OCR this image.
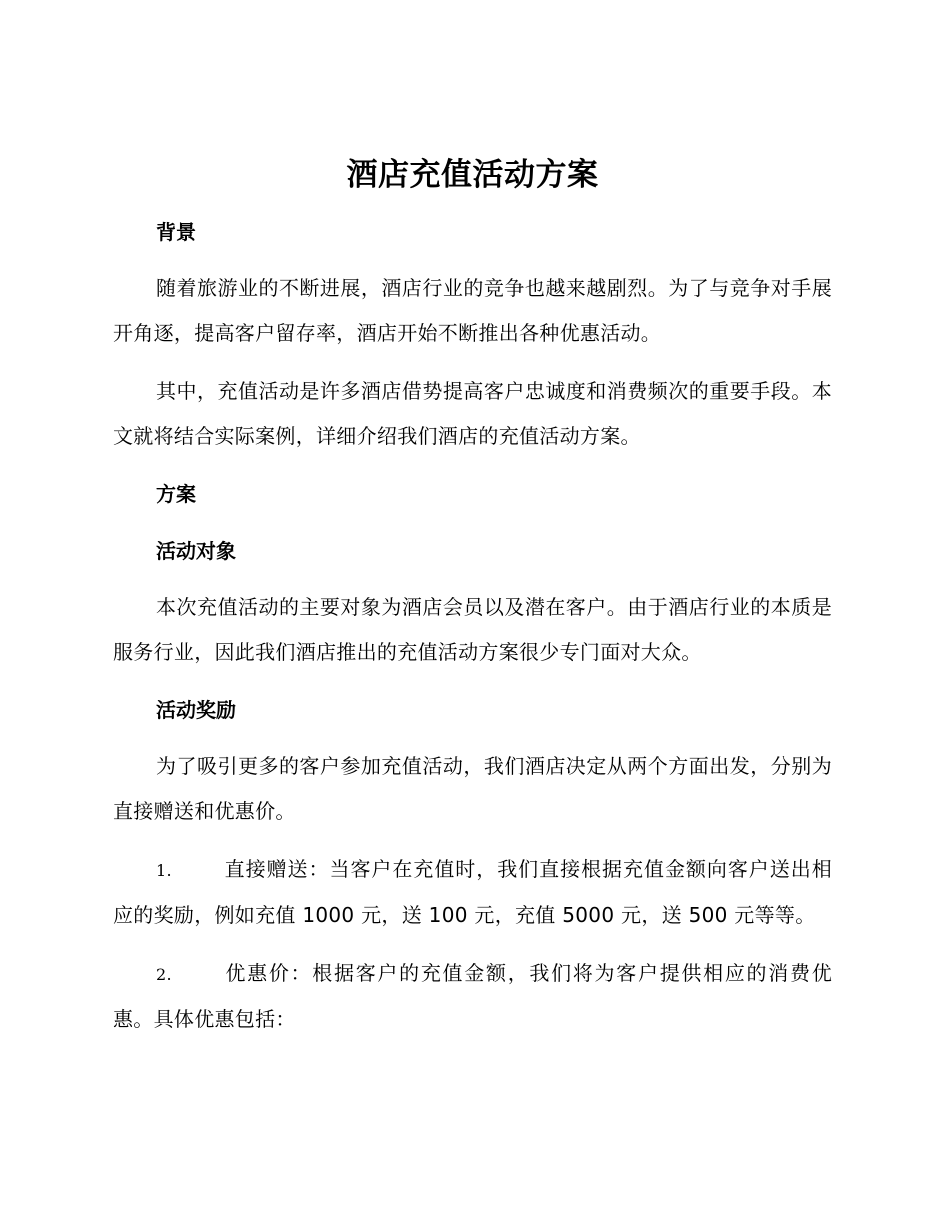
酒店充值活动方案
背景

随着旅游业的不断进展，酒店行业的竞争也越来越剧烈。为了与竞争对手展开角逐，提高客户留存率，酒店开始不断推出各种优惠活动。

其中，充值活动是许多酒店借势提高客户忠诚度和消费频次的重要手段。本文就将结合实际案例，详细介绍我们酒店的充值活动方案。

方案
活动对象

本次充值活动的主要对象为酒店会员以及潜在客户。由于酒店行业的本质是服务行业，因此我们酒店推出的充值活动方案很少专门面对大众。

活动奖励

为了吸引更多的客户参加充值活动，我们酒店决定从两个方面出发，分别为直接赠送和优惠价。

1.	直接赠送：当客户在充值时，我们直接根据充值金额向客户送出相应的奖励，例如充值 1000 元，送 100 元，充值 5000 元，送 500 元等等。

2.	优惠价：根据客户的充值金额，我们将为客户提供相应的消费优惠。具体优惠包括：
